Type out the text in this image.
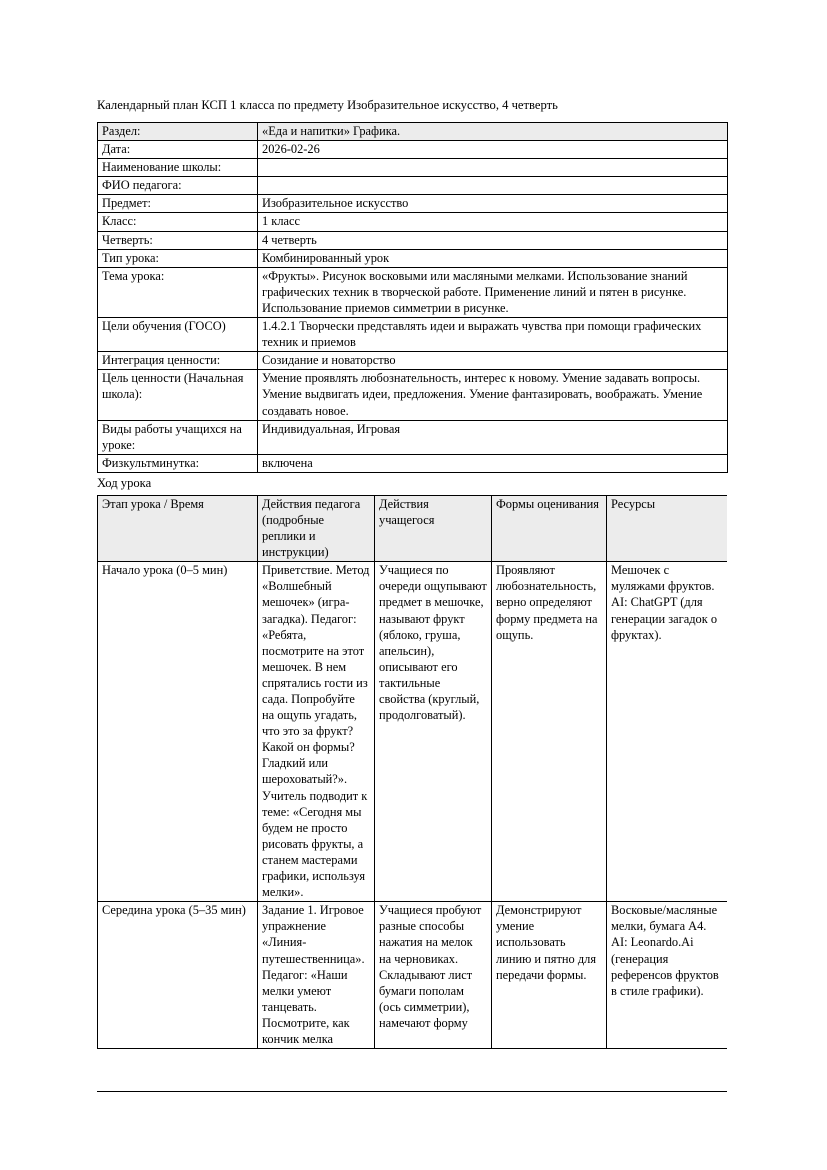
Календарный план КСП 1 класса по предмету Изобразительное искусство, 4 четверть
Раздел:	«Еда и напитки» Графика.
Дата:	2026-02-26
Наименование школы:	
ФИО педагога:	
Предмет:	Изобразительное искусство
Класс:	1 класс
Четверть:	4 четверть
Тип урока:	Комбинированный урок
Тема урока:	«Фрукты». Рисунок восковыми или масляными мелками. Использование знаний графических техник в творческой работе. Применение линий и пятен в рисунке. Использование приемов симметрии в рисунке.
Цели обучения (ГОСО)	1.4.2.1 Творчески представлять идеи и выражать чувства при помощи графических техник и приемов
Интеграция ценности:	Созидание и новаторство
Цель ценности (Начальная школа):	Умение проявлять любознательность, интерес к новому. Умение задавать вопросы. Умение выдвигать идеи, предложения. Умение фантазировать, воображать. Умение создавать новое.
Виды работы учащихся на уроке:	Индивидуальная, Игровая
Физкультминутка:	включена
Ход урока
Этап урока / Время	Действия педагога (подробные реплики и инструкции)	Действия учащегося	Формы оценивания	Ресурсы
Начало урока (0–5 мин)	Приветствие. Метод «Волшебный мешочек» (игра-загадка). Педагог: «Ребята, посмотрите на этот мешочек. В нем спрятались гости из сада. Попробуйте на ощупь угадать, что это за фрукт? Какой он формы? Гладкий или шероховатый?». Учитель подводит к теме: «Сегодня мы будем не просто рисовать фрукты, а станем мастерами графики, используя мелки».	Учащиеся по очереди ощупывают предмет в мешочке, называют фрукт (яблоко, груша, апельсин), описывают его тактильные свойства (круглый, продолговатый).	Проявляют любознательность, верно определяют форму предмета на ощупь.	Мешочек с муляжами фруктов. AI: ChatGPT (для генерации загадок о фруктах).
Середина урока (5–35 мин)	Задание 1. Игровое упражнение «Линия-путешественница». Педагог: «Наши мелки умеют танцевать. Посмотрите, как кончик мелка	Учащиеся пробуют разные способы нажатия на мелок на черновиках. Складывают лист бумаги пополам (ось симметрии), намечают форму	Демонстрируют умение использовать линию и пятно для передачи формы.	Восковые/масляные мелки, бумага A4. AI: Leonardo.Ai (генерация референсов фруктов в стиле графики).
